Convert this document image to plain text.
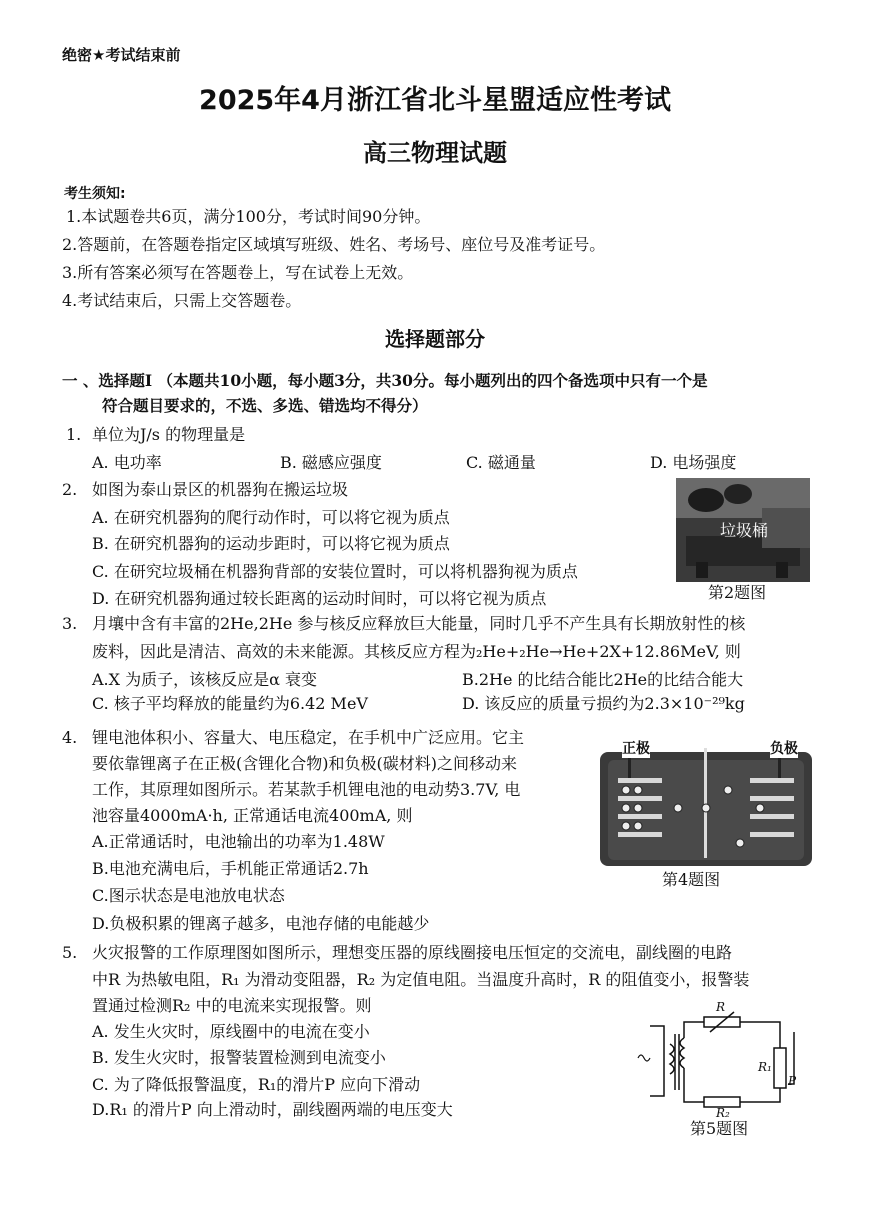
绝密★考试结束前
2025年4月浙江省北斗星盟适应性考试
高三物理试题
考生须知:
1.本试题卷共6页，满分100分，考试时间90分钟。
2.答题前，在答题卷指定区域填写班级、姓名、考场号、座位号及准考证号。
3.所有答案必须写在答题卷上，写在试卷上无效。
4.考试结束后，只需上交答题卷。
选择题部分
一 、选择题I （本题共10小题，每小题3分，共30分。每小题列出的四个备选项中只有一个是
符合题目要求的，不选、多选、错选均不得分）
1. 单位为J/s 的物理量是
A. 电功率	B. 磁感应强度	C. 磁通量	D. 电场强度
2. 如图为泰山景区的机器狗在搬运垃圾
A. 在研究机器狗的爬行动作时，可以将它视为质点
B. 在研究机器狗的运动步距时，可以将它视为质点
C. 在研究垃圾桶在机器狗背部的安装位置时，可以将机器狗视为质点
D. 在研究机器狗通过较长距离的运动时间时，可以将它视为质点
垃圾桶
第2题图
3. 月壤中含有丰富的2He,2He 参与核反应释放巨大能量，同时几乎不产生具有长期放射性的核
废料，因此是清洁、高效的未来能源。其核反应方程为₂He+₂He→He+2X+12.86MeV, 则
A.X 为质子，该核反应是α 衰变	B.2He 的比结合能比2He的比结合能大
C. 核子平均释放的能量约为6.42 MeV	D. 该反应的质量亏损约为2.3×10⁻²⁹kg
4. 锂电池体积小、容量大、电压稳定，在手机中广泛应用。它主
要依靠锂离子在正极(含锂化合物)和负极(碳材料)之间移动来
工作，其原理如图所示。若某款手机锂电池的电动势3.7V, 电
池容量4000mA·h, 正常通话电流400mA, 则
A.正常通话时，电池输出的功率为1.48W
B.电池充满电后，手机能正常通话2.7h
C.图示状态是电池放电状态
D.负极积累的锂离子越多，电池存储的电能越少
正极	负极
第4题图
5. 火灾报警的工作原理图如图所示，理想变压器的原线圈接电压恒定的交流电，副线圈的电路
中R 为热敏电阻，R₁ 为滑动变阻器，R₂ 为定值电阻。当温度升高时，R 的阻值变小，报警装
置通过检测R₂ 中的电流来实现报警。则
A. 发生火灾时，原线圈中的电流在变小
B. 发生火灾时，报警装置检测到电流变小
C. 为了降低报警温度，R₁的滑片P 应向下滑动
D.R₁ 的滑片P 向上滑动时，副线圈两端的电压变大
R
R₁
P
R₂
第5题图
